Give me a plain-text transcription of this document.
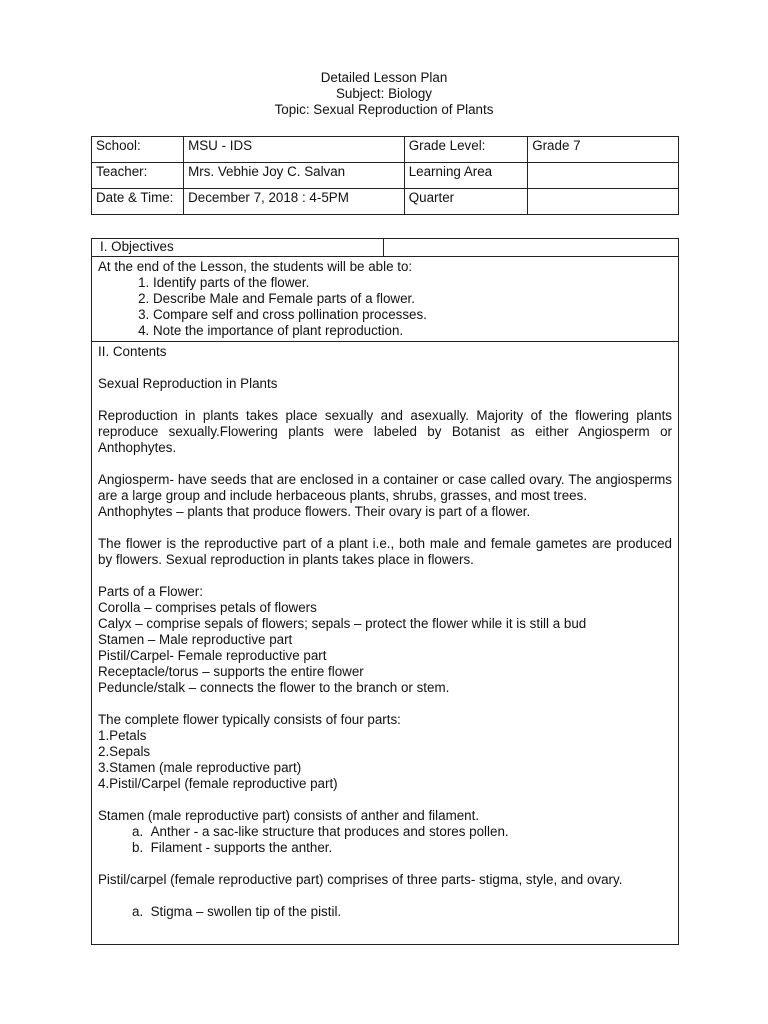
Detailed Lesson Plan
Subject: Biology
Topic: Sexual Reproduction of Plants
School:	MSU - IDS	Grade Level:	Grade 7
Teacher:	Mrs. Vebhie Joy C. Salvan	Learning Area	
Date & Time:	December 7, 2018 : 4-5PM	Quarter	
I. Objectives

At the end of the Lesson, the students will be able to:

1. Identify parts of the flower.
2. Describe Male and Female parts of a flower.
3. Compare self and cross pollination processes.
4. Note the importance of plant reproduction.

II. Contents

Sexual Reproduction in Plants

Reproduction in plants takes place sexually and asexually. Majority of the flowering plants reproduce sexually.Flowering plants were labeled by Botanist as either Angiosperm or Anthophytes.

Angiosperm- have seeds that are enclosed in a container or case called ovary. The angiosperms are a large group and include herbaceous plants, shrubs, grasses, and most trees.

Anthophytes – plants that produce flowers. Their ovary is part of a flower.

The flower is the reproductive part of a plant i.e., both male and female gametes are produced by flowers. Sexual reproduction in plants takes place in flowers.

Parts of a Flower:

Corolla – comprises petals of flowers

Calyx – comprise sepals of flowers; sepals – protect the flower while it is still a bud

Stamen – Male reproductive part

Pistil/Carpel- Female reproductive part

Receptacle/torus – supports the entire flower

Peduncle/stalk – connects the flower to the branch or stem.

The complete flower typically consists of four parts:

1.Petals

2.Sepals

3.Stamen (male reproductive part)

4.Pistil/Carpel (female reproductive part)

Stamen (male reproductive part) consists of anther and filament.

a.  Anther - a sac-like structure that produces and stores pollen.

b.  Filament - supports the anther.

Pistil/carpel (female reproductive part) comprises of three parts- stigma, style, and ovary.

a.  Stigma – swollen tip of the pistil.
